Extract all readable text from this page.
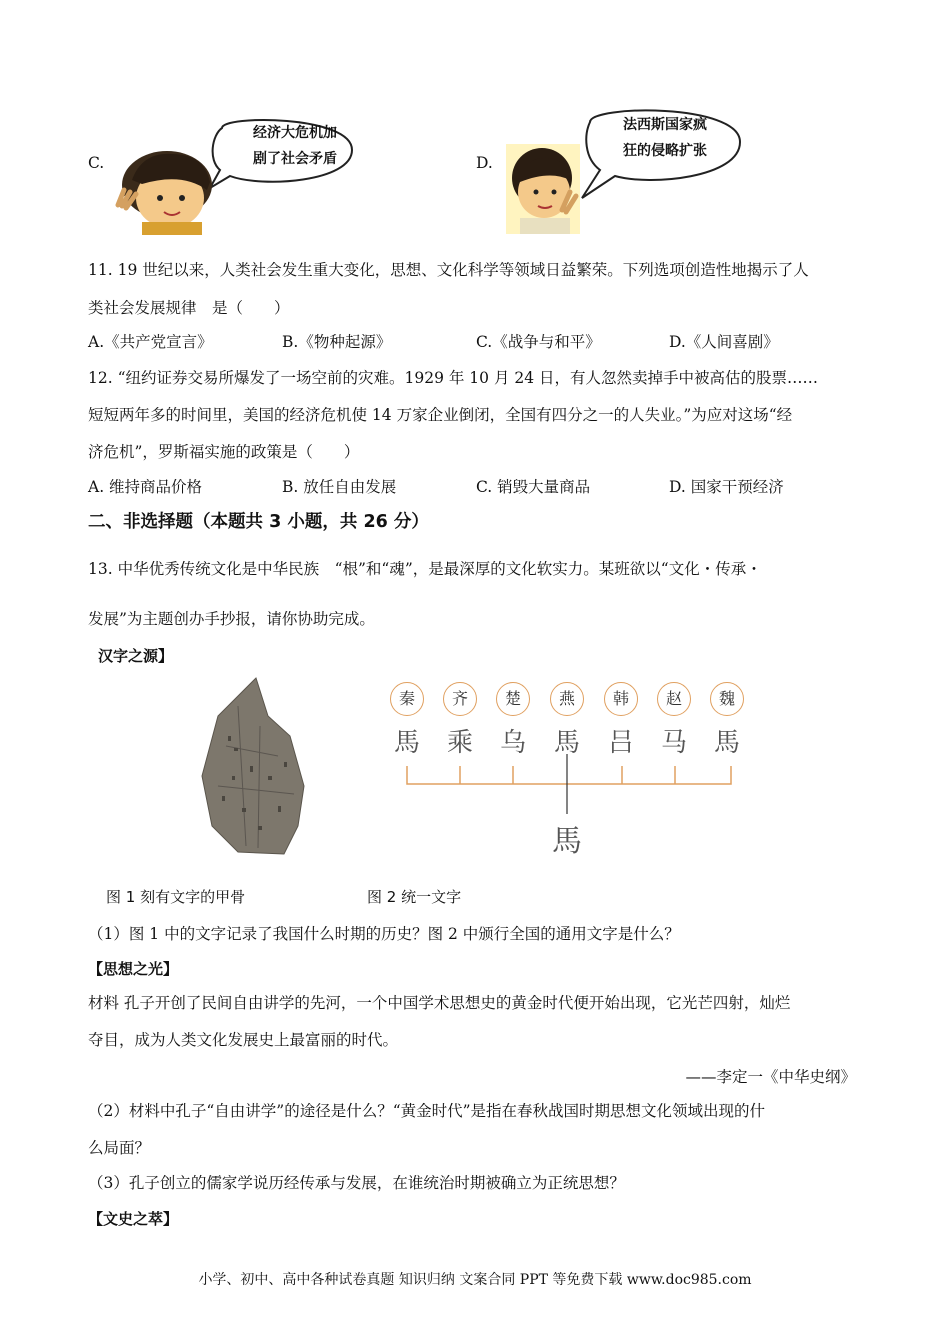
C.
经济大危机加
剧了社会矛盾	D.
法西斯国家疯
狂的侵略扩张
11. 19 世纪以来，人类社会发生重大变化，思想、文化科学等领域日益繁荣。下列选项创造性地揭示了人
类社会发展规律　是（　　）
A.《共产党宣言》	B.《物种起源》	C.《战争与和平》	D.《人间喜剧》
12. “纽约证券交易所爆发了一场空前的灾难。1929 年 10 月 24 日，有人忽然卖掉手中被高估的股票……
短短两年多的时间里，美国的经济危机使 14 万家企业倒闭，全国有四分之一的人失业。”为应对这场“经
济危机”，罗斯福实施的政策是（　　）
A. 维持商品价格	B. 放任自由发展	C. 销毁大量商品	D. 国家干预经济
二、非选择题（本题共 3 小题，共 26 分）
13. 中华优秀传统文化是中华民族　“根”和“魂”，是最深厚的文化软实力。某班欲以“文化・传承・
发展”为主题创办手抄报，请你协助完成。
汉字之源】
秦	齐	楚	燕	韩	赵	魏
馬 乘 乌 馬 吕 马 馬
馬
图 1 刻有文字的甲骨	图 2 统一文字
（1）图 1 中的文字记录了我国什么时期的历史？图 2 中颁行全国的通用文字是什么？
【思想之光】
材料 孔子开创了民间自由讲学的先河，一个中国学术思想史的黄金时代便开始出现，它光芒四射，灿烂
夺目，成为人类文化发展史上最富丽的时代。
——李定一《中华史纲》
（2）材料中孔子“自由讲学”的途径是什么？“黄金时代”是指在春秋战国时期思想文化领域出现的什
么局面？
（3）孔子创立的儒家学说历经传承与发展，在谁统治时期被确立为正统思想？
【文史之萃】
小学、初中、高中各种试卷真题 知识归纳 文案合同 PPT 等免费下载 www.doc985.com
